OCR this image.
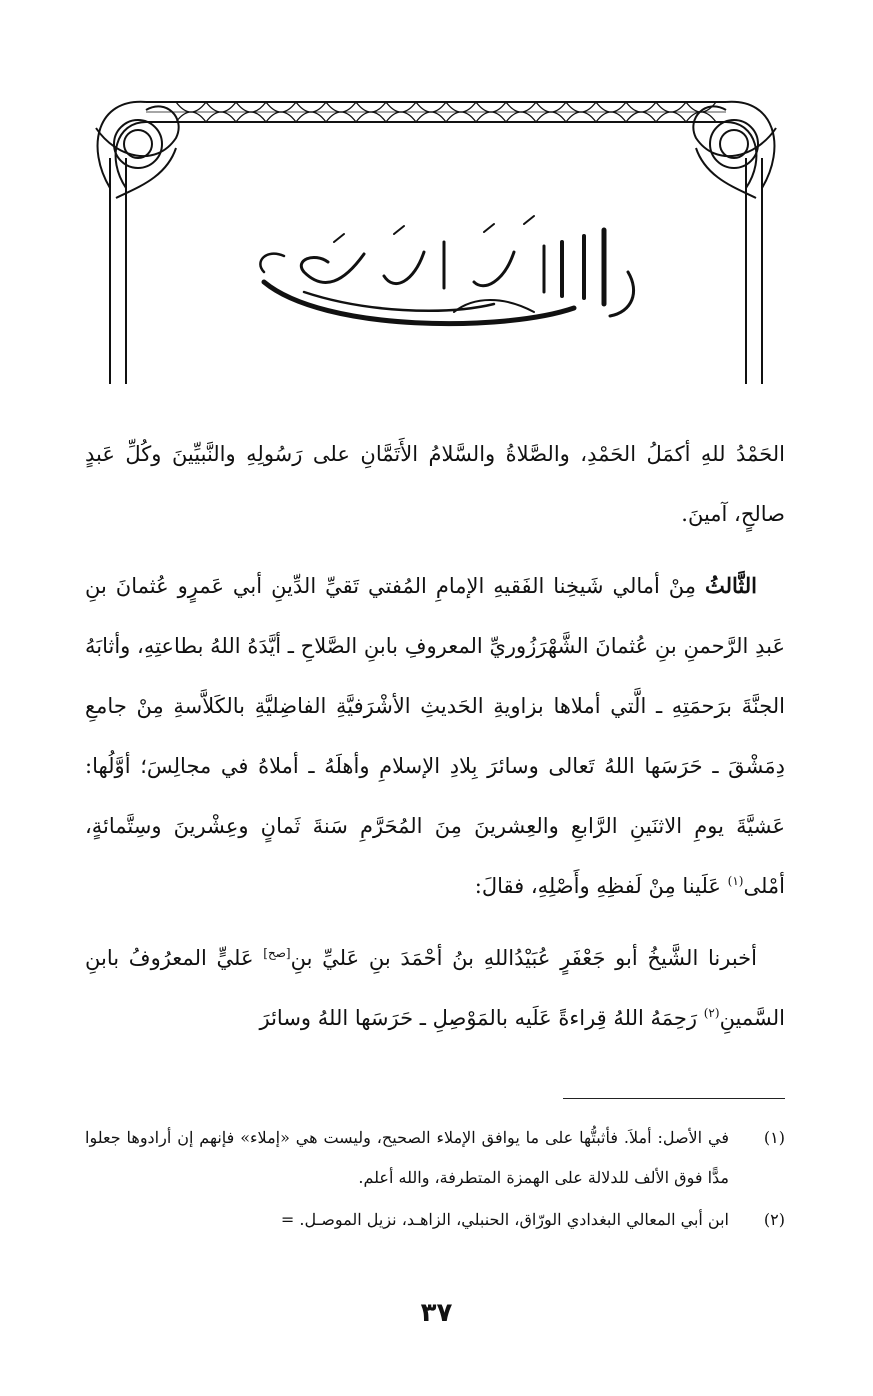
الحَمْدُ للهِ أكمَلُ الحَمْدِ، والصَّلاةُ والسَّلامُ الأَتَمَّانِ على رَسُولِهِ والنَّبيِّينَ وكُلِّ عَبدٍ صالحٍ، آمينَ.

الثَّالثُ مِنْ أمالي شَيخِنا الفَقيهِ الإمامِ المُفتي تَقيِّ الدِّينِ أبي عَمرٍو عُثمانَ بنِ عَبدِ الرَّحمنِ بنِ عُثمانَ الشَّهْرَزُوريِّ المعروفِ بابنِ الصَّلاحِ ـ أيَّدَهُ اللهُ بطاعتِهِ، وأثابَهُ الجنَّةَ برَحمَتِهِ ـ الَّتي أملاها بزاويةِ الحَديثِ الأشْرَفيَّةِ الفاضِليَّةِ بالكَلاَّسةِ مِنْ جامعِ دِمَشْقَ ـ حَرَسَها اللهُ تَعالى وسائرَ بِلادِ الإسلامِ وأهلَهُ ـ أملاهُ في مجالِسَ؛ أوَّلُها: عَشيَّةَ يومِ الاثنَينِ الرَّابعِ والعِشرينَ مِنَ المُحَرَّمِ سَنةَ ثَمانٍ وعِشْرينَ وسِتَّمائةٍ، أمْلى$^{(١)}$ عَلَينا مِنْ لَفظِهِ وأَصْلِهِ، فقالَ:

أخبرنا الشَّيخُ أبو جَعْفَرٍ عُبَيْدُاللهِ بنُ أحْمَدَ بنِ عَليِّ بنِ[صح] عَليٍّ المعرُوفُ بابنِ السَّمينِ$^{(٢)}$ رَحِمَهُ اللهُ قِراءةً عَلَيه بالمَوْصِلِ ـ حَرَسَها اللهُ وسائرَ

(١)
في الأصل: أملاَ. فأثبتُّها على ما يوافق الإملاء الصحيح، وليست هي «إملاء» فإنهم إن أرادوها جعلوا مدًّا فوق الألف للدلالة على الهمزة المتطرفة، والله أعلم.
(٢)
ابن أبي المعالي البغدادي الورّاق، الحنبلي، الزاهـد، نزيل الموصـل. =
٣٧
